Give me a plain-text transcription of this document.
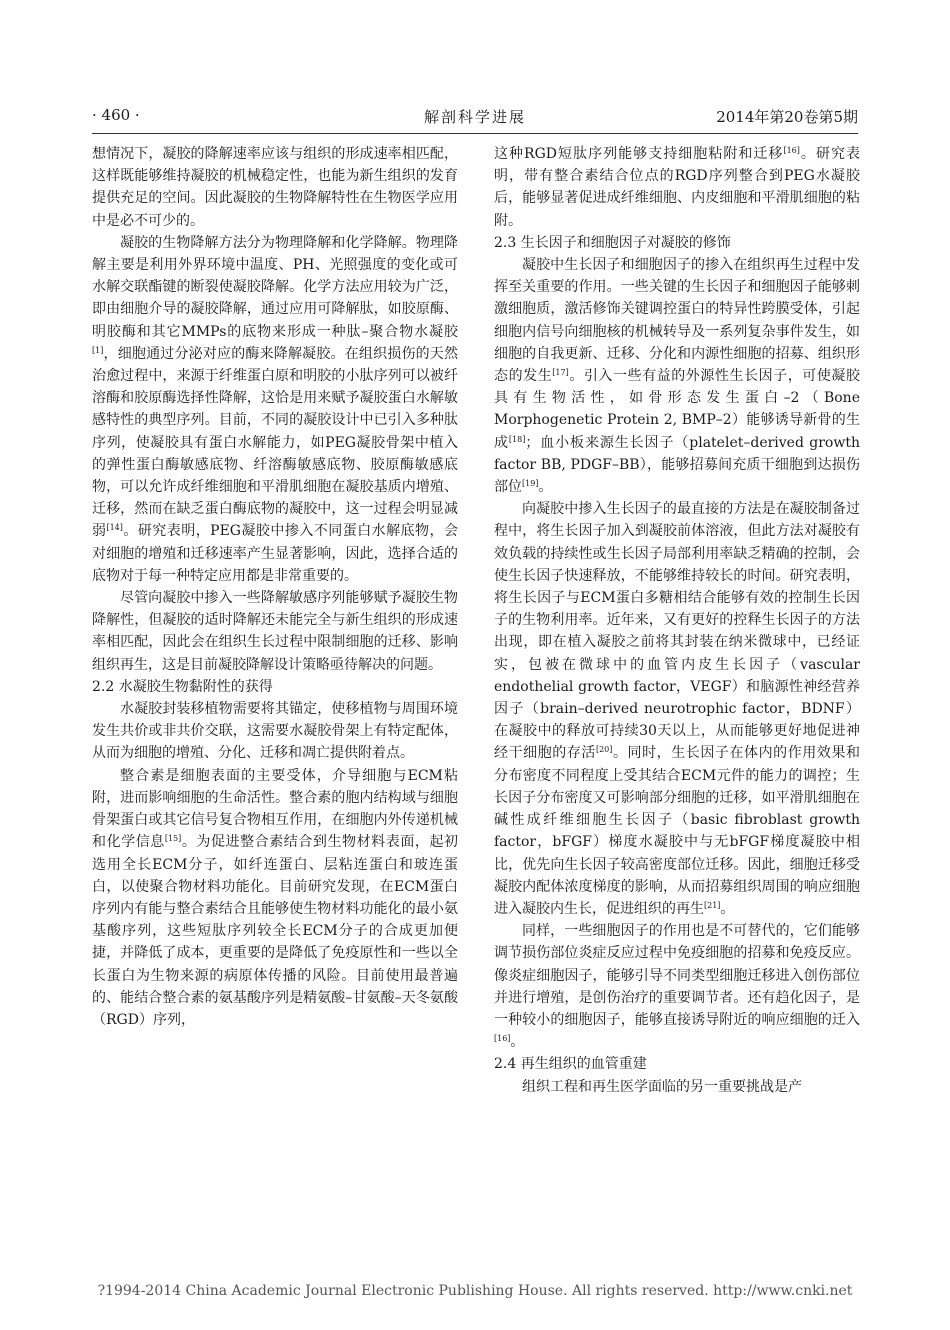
· 460 ·	解剖科学进展	2014年第20卷第5期

想情况下，凝胶的降解速率应该与组织的形成速率相匹配，这样既能够维持凝胶的机械稳定性，也能为新生组织的发育提供充足的空间。因此凝胶的生物降解特性在生物医学应用中是必不可少的。

凝胶的生物降解方法分为物理降解和化学降解。物理降解主要是利用外界环境中温度、PH、光照强度的变化或可水解交联酯键的断裂使凝胶降解。化学方法应用较为广泛，即由细胞介导的凝胶降解，通过应用可降解肽，如胶原酶、明胶酶和其它MMPs的底物来形成一种肽–聚合物水凝胶[1]，细胞通过分泌对应的酶来降解凝胶。在组织损伤的天然治愈过程中，来源于纤维蛋白原和明胶的小肽序列可以被纤溶酶和胶原酶选择性降解，这恰是用来赋予凝胶蛋白水解敏感特性的典型序列。目前，不同的凝胶设计中已引入多种肽序列，使凝胶具有蛋白水解能力，如PEG凝胶骨架中植入的弹性蛋白酶敏感底物、纤溶酶敏感底物、胶原酶敏感底物，可以允许成纤维细胞和平滑肌细胞在凝胶基质内增殖、迁移，然而在缺乏蛋白酶底物的凝胶中，这一过程会明显减弱[14]。研究表明，PEG凝胶中掺入不同蛋白水解底物，会对细胞的增殖和迁移速率产生显著影响，因此，选择合适的底物对于每一种特定应用都是非常重要的。

尽管向凝胶中掺入一些降解敏感序列能够赋予凝胶生物降解性，但凝胶的适时降解还未能完全与新生组织的形成速率相匹配，因此会在组织生长过程中限制细胞的迁移、影响组织再生，这是目前凝胶降解设计策略亟待解决的问题。

2.2 水凝胶生物黏附性的获得

水凝胶封装移植物需要将其锚定，使移植物与周围环境发生共价或非共价交联，这需要水凝胶骨架上有特定配体，从而为细胞的增殖、分化、迁移和凋亡提供附着点。

整合素是细胞表面的主要受体，介导细胞与ECM粘附，进而影响细胞的生命活性。整合素的胞内结构域与细胞骨架蛋白或其它信号复合物相互作用，在细胞内外传递机械和化学信息[15]。为促进整合素结合到生物材料表面，起初选用全长ECM分子，如纤连蛋白、层粘连蛋白和玻连蛋白，以使聚合物材料功能化。目前研究发现，在ECM蛋白序列内有能与整合素结合且能够使生物材料功能化的最小氨基酸序列，这些短肽序列较全长ECM分子的合成更加便捷，并降低了成本，更重要的是降低了免疫原性和一些以全长蛋白为生物来源的病原体传播的风险。目前使用最普遍的、能结合整合素的氨基酸序列是精氨酸–甘氨酸–天冬氨酸（RGD）序列，

这种RGD短肽序列能够支持细胞粘附和迁移[16]。研究表明，带有整合素结合位点的RGD序列整合到PEG水凝胶后，能够显著促进成纤维细胞、内皮细胞和平滑肌细胞的粘附。

2.3 生长因子和细胞因子对凝胶的修饰

凝胶中生长因子和细胞因子的掺入在组织再生过程中发挥至关重要的作用。一些关键的生长因子和细胞因子能够刺激细胞质，激活修饰关键调控蛋白的特异性跨膜受体，引起细胞内信号向细胞核的机械转导及一系列复杂事件发生，如细胞的自我更新、迁移、分化和内源性细胞的招募、组织形态的发生[17]。引入一些有益的外源性生长因子，可使凝胶具有生物活性，如骨形态发生蛋白–2（Bone Morphogenetic Protein 2, BMP–2）能够诱导新骨的生成[18]；血小板来源生长因子（platelet–derived growth factor BB, PDGF–BB），能够招募间充质干细胞到达损伤部位[19]。

向凝胶中掺入生长因子的最直接的方法是在凝胶制备过程中，将生长因子加入到凝胶前体溶液，但此方法对凝胶有效负载的持续性或生长因子局部利用率缺乏精确的控制，会使生长因子快速释放，不能够维持较长的时间。研究表明，将生长因子与ECM蛋白多糖相结合能够有效的控制生长因子的生物利用率。近年来，又有更好的控释生长因子的方法出现，即在植入凝胶之前将其封装在纳米微球中，已经证实，包被在微球中的血管内皮生长因子（vascular endothelial growth factor，VEGF）和脑源性神经营养因子（brain–derived neurotrophic factor，BDNF）在凝胶中的释放可持续30天以上，从而能够更好地促进神经干细胞的存活[20]。同时，生长因子在体内的作用效果和分布密度不同程度上受其结合ECM元件的能力的调控；生长因子分布密度又可影响部分细胞的迁移，如平滑肌细胞在碱性成纤维细胞生长因子（basic fibroblast growth factor，bFGF）梯度水凝胶中与无bFGF梯度凝胶中相比，优先向生长因子较高密度部位迁移。因此，细胞迁移受凝胶内配体浓度梯度的影响，从而招募组织周围的响应细胞进入凝胶内生长，促进组织的再生[21]。

同样，一些细胞因子的作用也是不可替代的，它们能够调节损伤部位炎症反应过程中免疫细胞的招募和免疫反应。像炎症细胞因子，能够引导不同类型细胞迁移进入创伤部位并进行增殖，是创伤治疗的重要调节者。还有趋化因子，是一种较小的细胞因子，能够直接诱导附近的响应细胞的迁入[16]。

2.4 再生组织的血管重建

组织工程和再生医学面临的另一重要挑战是产

?1994-2014 China Academic Journal Electronic Publishing House. All rights reserved. http://www.cnki.net
